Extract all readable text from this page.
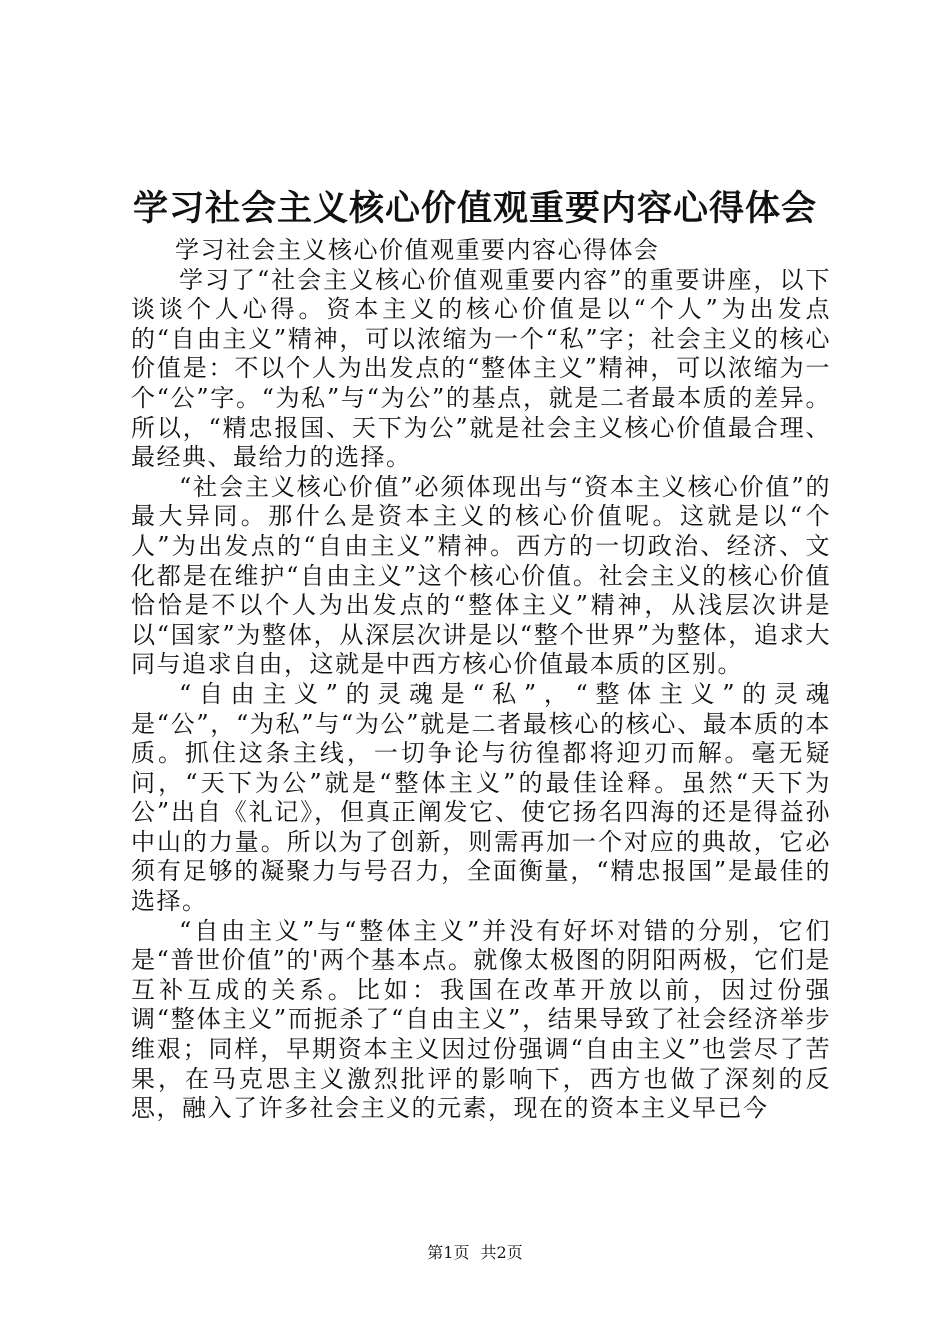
学习社会主义核心价值观重要内容心得体会
学习社会主义核心价值观重要内容心得体会

学习了“社会主义核心价值观重要内容”的重要讲座，以下谈谈个人心得。资本主义的核心价值是以“个人”为出发点的“自由主义”精神，可以浓缩为一个“私”字；社会主义的核心价值是：不以个人为出发点的“整体主义”精神，可以浓缩为一个“公”字。“为私”与“为公”的基点，就是二者最本质的差异。所以，“精忠报国、天下为公”就是社会主义核心价值最合理、最经典、最给力的选择。

“社会主义核心价值”必须体现出与“资本主义核心价值”的最大异同。那什么是资本主义的核心价值呢。这就是以“个人”为出发点的“自由主义”精神。西方的一切政治、经济、文化都是在维护“自由主义”这个核心价值。社会主义的核心价值恰恰是不以个人为出发点的“整体主义”精神，从浅层次讲是以“国家”为整体，从深层次讲是以“整个世界”为整体，追求大同与追求自由，这就是中西方核心价值最本质的区别。

“自由主义”的灵魂是“私”，“整体主义”的灵魂是“公”，“为私”与“为公”就是二者最核心的核心、最本质的本质。抓住这条主线，一切争论与彷徨都将迎刃而解。毫无疑问，“天下为公”就是“整体主义”的最佳诠释。虽然“天下为公”出自《礼记》，但真正阐发它、使它扬名四海的还是得益孙中山的力量。所以为了创新，则需再加一个对应的典故，它必须有足够的凝聚力与号召力，全面衡量，“精忠报国”是最佳的选择。

“自由主义”与“整体主义”并没有好坏对错的分别，它们是“普世价值”的'两个基本点。就像太极图的阴阳两极，它们是互补互成的关系。比如：我国在改革开放以前，因过份强调“整体主义”而扼杀了“自由主义”，结果导致了社会经济举步维艰；同样，早期资本主义因过份强调“自由主义”也尝尽了苦果，在马克思主义激烈批评的影响下，西方也做了深刻的反思，融入了许多社会主义的元素，现在的资本主义早已今

第1页 共2页
